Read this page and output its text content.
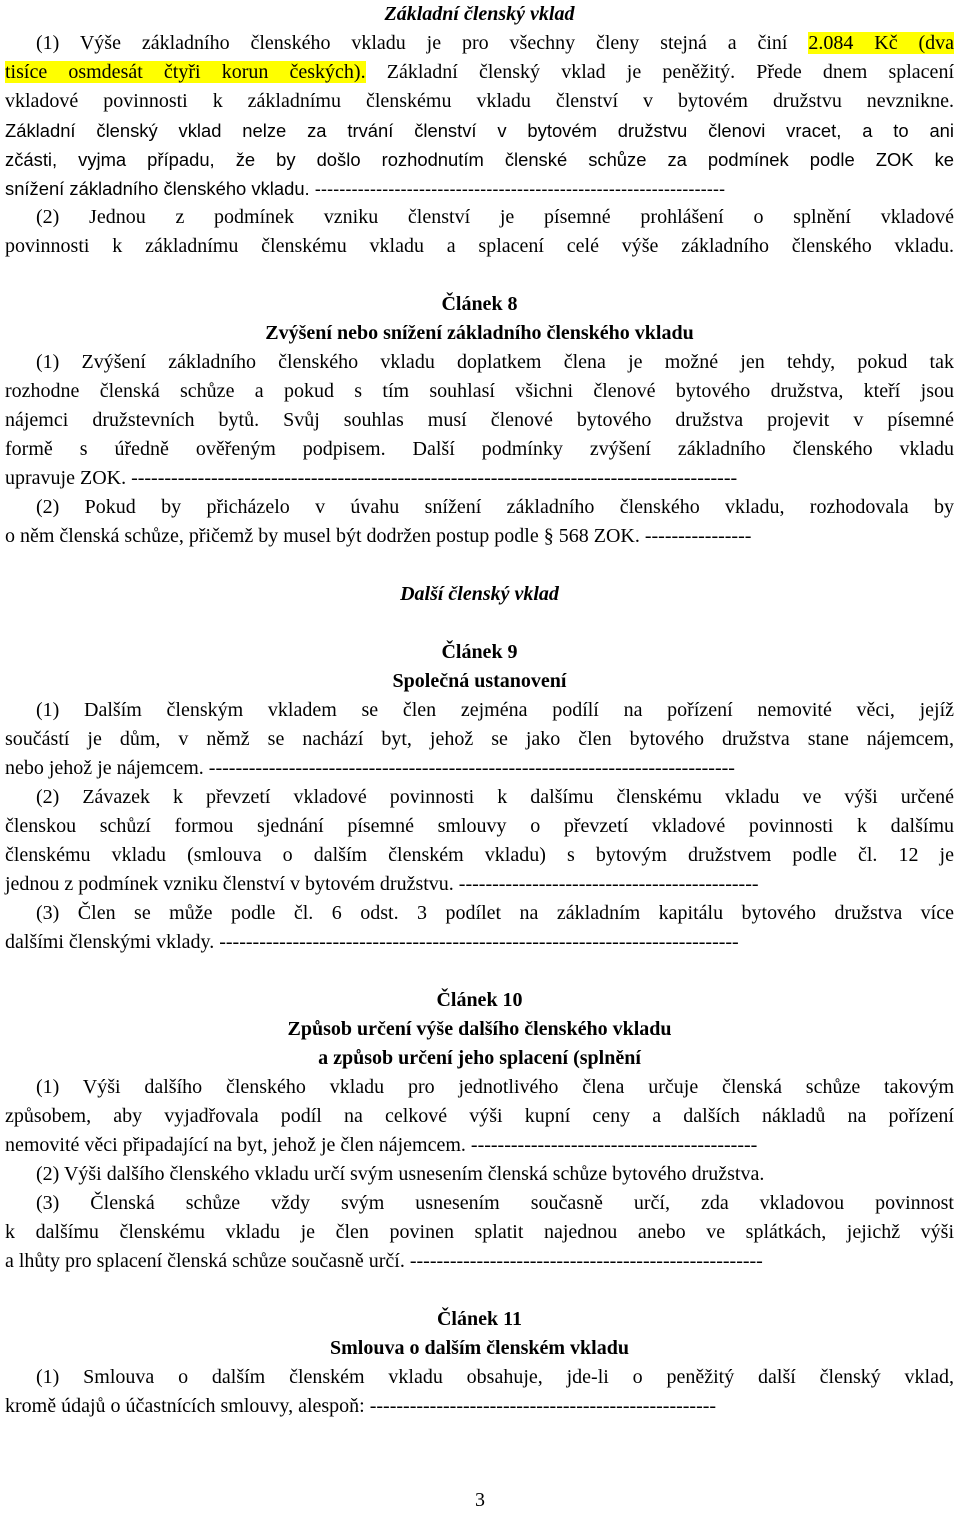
Základní členský vklad
(1) Výše základního členského vkladu je pro všechny členy stejná a činí 2.084 Kč (dva
tisíce osmdesát čtyři korun českých). Základní členský vklad je peněžitý. Přede dnem splacení
vkladové povinnosti k základnímu členskému vkladu členství v bytovém družstvu nevznikne.
Základní členský vklad nelze za trvání členství v bytovém družstvu členovi vracet, a to ani
zčásti, vyjma případu, že by došlo rozhodnutím členské schůze za podmínek podle ZOK ke
snížení základního členského vkladu. -------------------------------------------------------------------
(2) Jednou z podmínek vzniku členství je písemné prohlášení o splnění vkladové
povinnosti k základnímu členskému vkladu a splacení celé výše základního členského vkladu.
Článek 8
Zvýšení nebo snížení základního členského vkladu
(1) Zvýšení základního členského vkladu doplatkem člena je možné jen tehdy, pokud tak
rozhodne členská schůze a pokud s tím souhlasí všichni členové bytového družstva, kteří jsou
nájemci družstevních bytů. Svůj souhlas musí členové bytového družstva projevit v písemné
formě s úředně ověřeným podpisem. Další podmínky zvýšení základního členského vkladu
upravuje ZOK. -------------------------------------------------------------------------------------------
(2) Pokud by přicházelo v úvahu snížení základního členského vkladu, rozhodovala by
o něm členská schůze, přičemž by musel být dodržen postup podle § 568 ZOK. ----------------
Další členský vklad
Článek 9
Společná ustanovení
(1) Dalším členským vkladem se člen zejména podílí na pořízení nemovité věci, jejíž
součástí je dům, v němž se nachází byt, jehož se jako člen bytového družstva stane nájemcem,
nebo jehož je nájemcem. -------------------------------------------------------------------------------
(2) Závazek k převzetí vkladové povinnosti k dalšímu členskému vkladu ve výši určené
členskou schůzí formou sjednání písemné smlouvy o převzetí vkladové povinnosti k dalšímu
členskému vkladu (smlouva o dalším členském vkladu) s bytovým družstvem podle čl. 12 je
jednou z podmínek vzniku členství v bytovém družstvu. ---------------------------------------------
(3) Člen se může podle čl. 6 odst. 3 podílet na základním kapitálu bytového družstva více
dalšími členskými vklady. ------------------------------------------------------------------------------
Článek 10
Způsob určení výše dalšího členského vkladu
a způsob určení jeho splacení (splnění
(1) Výši dalšího členského vkladu pro jednotlivého člena určuje členská schůze takovým
způsobem, aby vyjadřovala podíl na celkové výši kupní ceny a dalších nákladů na pořízení
nemovité věci připadající na byt, jehož je člen nájemcem. -------------------------------------------
(2) Výši dalšího členského vkladu určí svým usnesením členská schůze bytového družstva.
(3) Členská schůze vždy svým usnesením současně určí, zda vkladovou povinnost
k dalšímu členskému vkladu je člen povinen splatit najednou anebo ve splátkách, jejichž výši
a lhůty pro splacení členská schůze současně určí. -----------------------------------------------------
Článek 11
Smlouva o dalším členském vkladu
(1) Smlouva o dalším členském vkladu obsahuje, jde-li o peněžitý další členský vklad,
kromě údajů o účastnících smlouvy, alespoň: ----------------------------------------------------
3
